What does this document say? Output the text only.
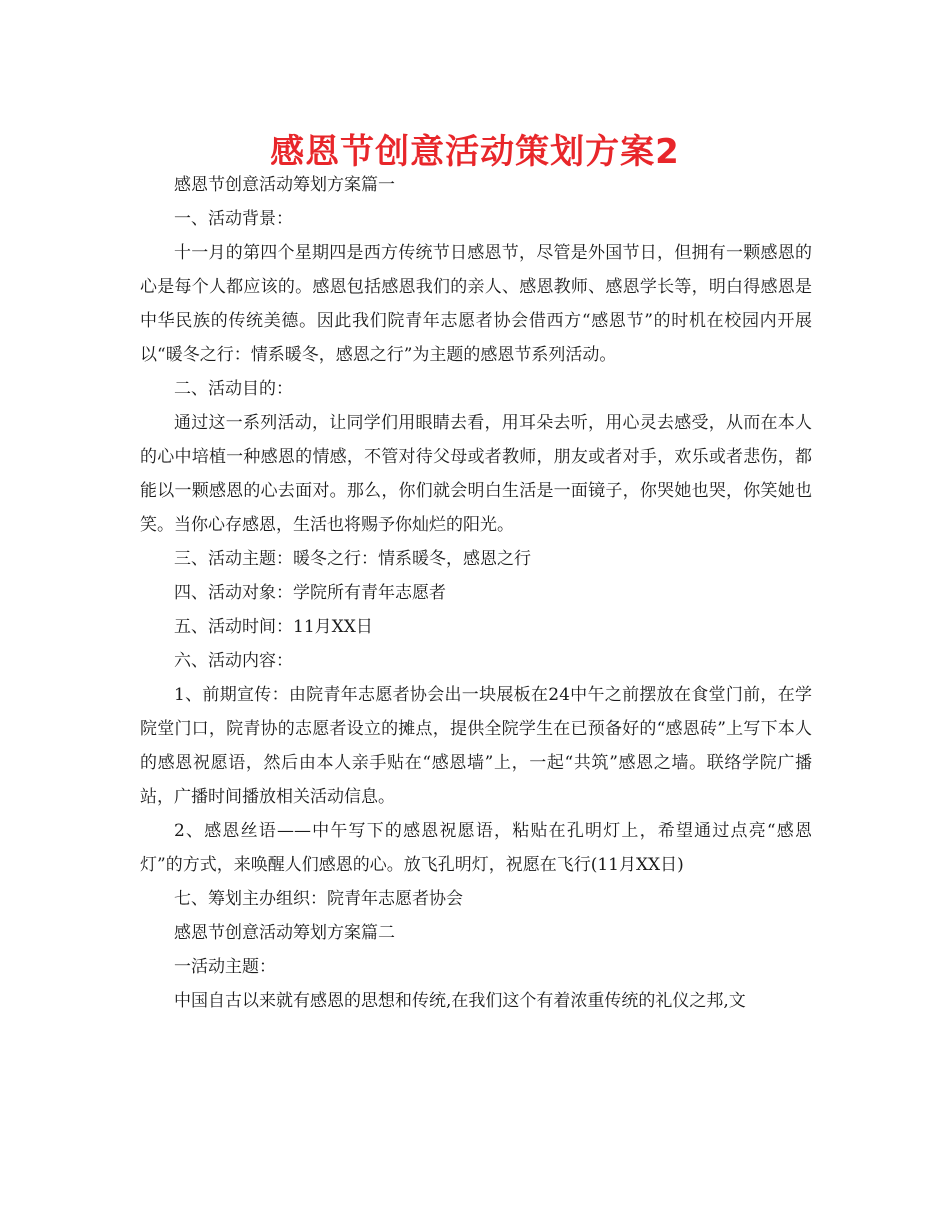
感恩节创意活动策划方案2

感恩节创意活动筹划方案篇一

一、活动背景：

十一月的第四个星期四是西方传统节日感恩节，尽管是外国节日，但拥有一颗感恩的心是每个人都应该的。感恩包括感恩我们的亲人、感恩教师、感恩学长等，明白得感恩是中华民族的传统美德。因此我们院青年志愿者协会借西方“感恩节”的时机在校园内开展以“暖冬之行：情系暖冬，感恩之行”为主题的感恩节系列活动。

二、活动目的：

通过这一系列活动，让同学们用眼睛去看，用耳朵去听，用心灵去感受，从而在本人的心中培植一种感恩的情感，不管对待父母或者教师，朋友或者对手，欢乐或者悲伤，都能以一颗感恩的心去面对。那么，你们就会明白生活是一面镜子，你哭她也哭，你笑她也笑。当你心存感恩，生活也将赐予你灿烂的阳光。

三、活动主题：暖冬之行：情系暖冬，感恩之行

四、活动对象：学院所有青年志愿者

五、活动时间：11月XX日

六、活动内容：

1、前期宣传：由院青年志愿者协会出一块展板在24中午之前摆放在食堂门前，在学院堂门口，院青协的志愿者设立的摊点，提供全院学生在已预备好的“感恩砖”上写下本人的感恩祝愿语，然后由本人亲手贴在“感恩墙”上，一起“共筑”感恩之墙。联络学院广播站，广播时间播放相关活动信息。

2、感恩丝语——中午写下的感恩祝愿语，粘贴在孔明灯上，希望通过点亮“感恩灯”的方式，来唤醒人们感恩的心。放飞孔明灯，祝愿在飞行(11月XX日)

七、筹划主办组织：院青年志愿者协会

感恩节创意活动筹划方案篇二

一活动主题：

中国自古以来就有感恩的思想和传统,在我们这个有着浓重传统的礼仪之邦,文
